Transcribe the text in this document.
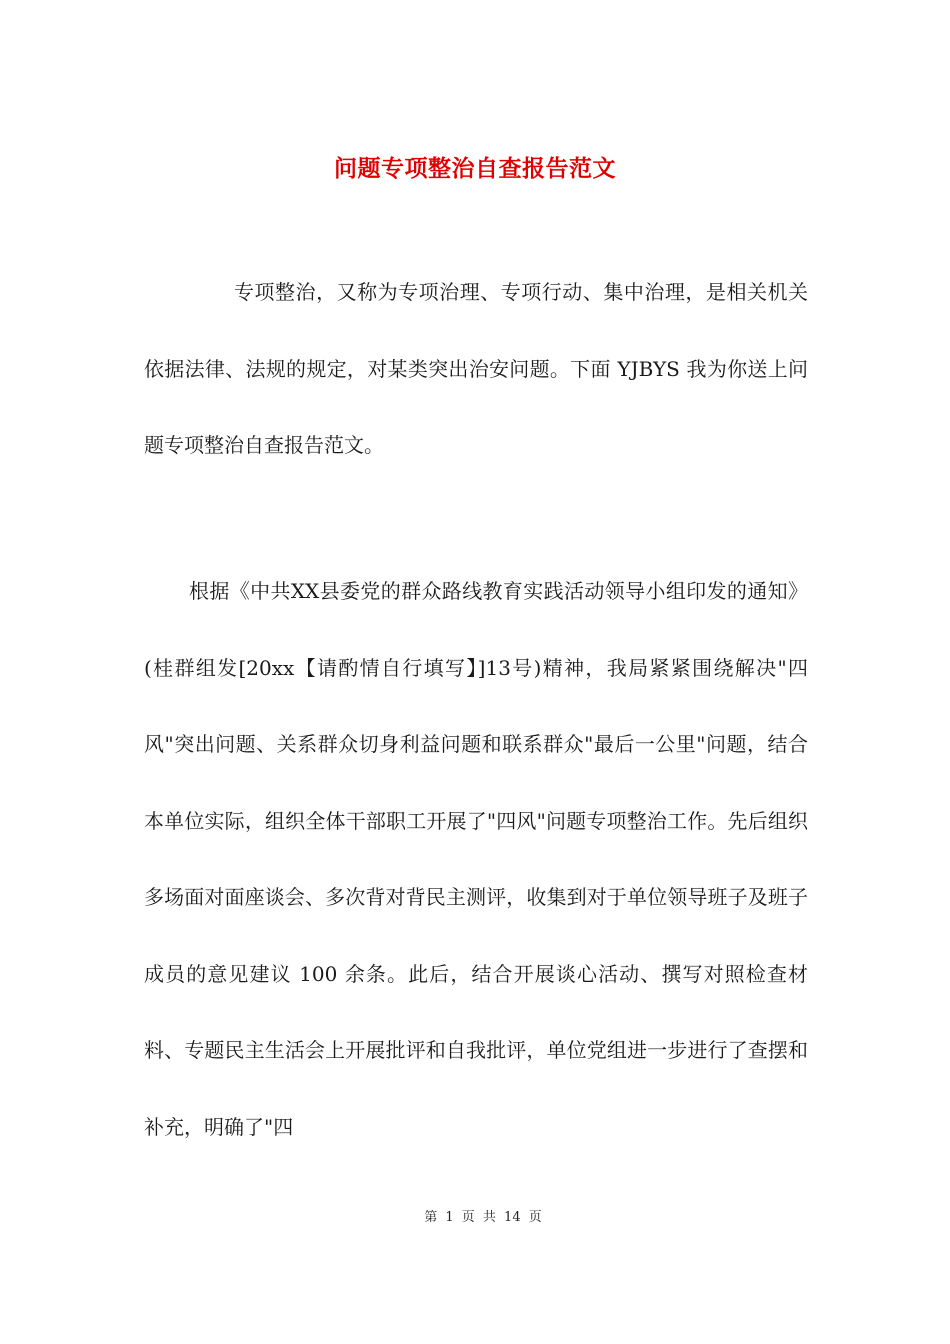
问题专项整治自查报告范文

专项整治，又称为专项治理、专项行动、集中治理，是相关机关依据法律、法规的规定，对某类突出治安问题。下面 YJBYS 我为你送上问题专项整治自查报告范文。

根据《中共XX县委党的群众路线教育实践活动领导小组印发的通知》(桂群组发[20xx【请酌情自行填写】]13号)精神，我局紧紧围绕解决"四风"突出问题、关系群众切身利益问题和联系群众"最后一公里"问题，结合本单位实际，组织全体干部职工开展了"四风"问题专项整治工作。先后组织多场面对面座谈会、多次背对背民主测评，收集到对于单位领导班子及班子成员的意见建议 100 余条。此后，结合开展谈心活动、撰写对照检查材料、专题民主生活会上开展批评和自我批评，单位党组进一步进行了查摆和补充，明确了"四

第 1 页 共 14 页
